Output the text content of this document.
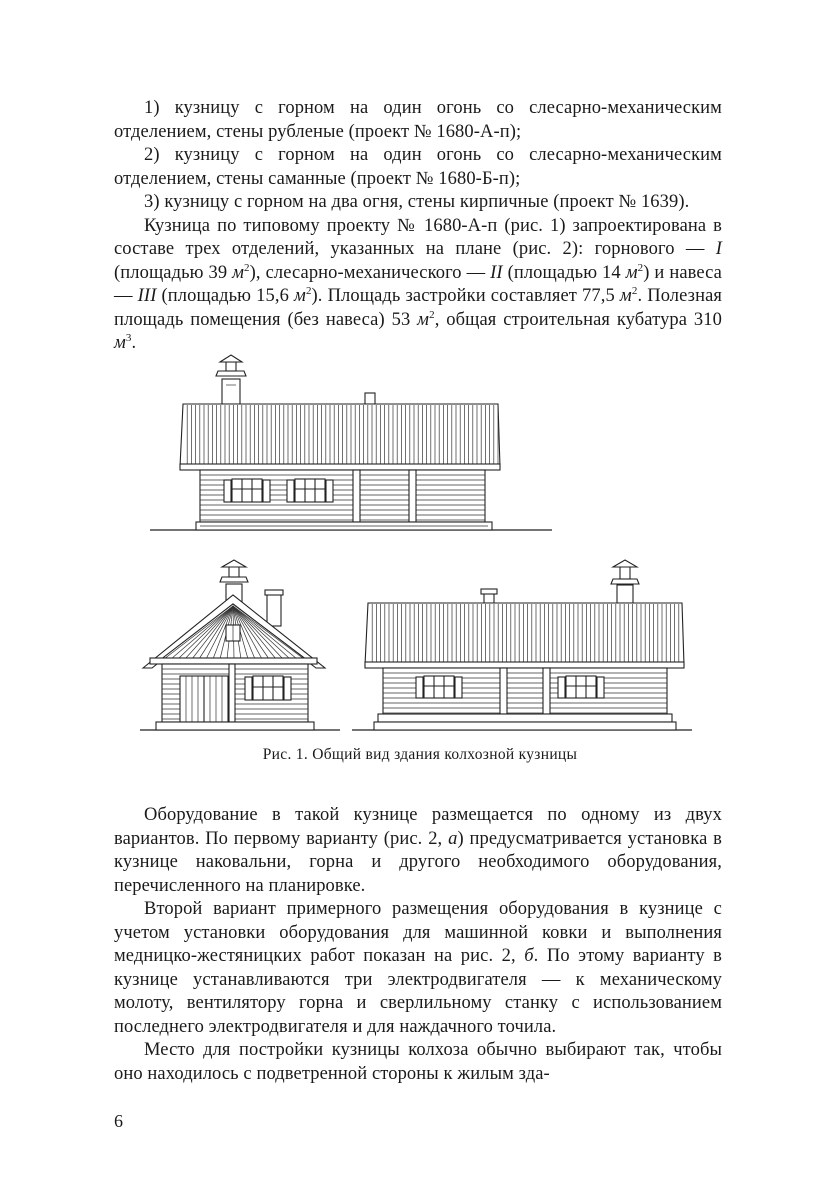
1) кузницу с горном на один огонь со слесарно-механическим отделением, стены рубленые (проект № 1680-А-п);

2) кузницу с горном на один огонь со слесарно-механическим отделением, стены саманные (проект № 1680-Б-п);

3) кузницу с горном на два огня, стены кирпичные (проект № 1639).

Кузница по типовому проекту № 1680-А-п (рис. 1) запроектирована в составе трех отделений, указанных на плане (рис. 2): горнового — I (площадью 39 $м^2$), слесарно-механического — II (площадью 14 $м^2$) и навеса — III (площадью 15,6 $м^2$). Площадь застройки составляет 77,5 $м^2$. Полезная площадь помещения (без навеса) 53 $м^2$, общая строительная кубатура 310 $м^3$.

Рис. 1. Общий вид здания колхозной кузницы

Оборудование в такой кузнице размещается по одному из двух вариантов. По первому варианту (рис. 2, а) предусматривается установка в кузнице наковальни, горна и другого необходимого оборудования, перечисленного на планировке.

Второй вариант примерного размещения оборудования в кузнице с учетом установки оборудования для машинной ковки и выполнения медницко-жестяницких работ показан на рис. 2, б. По этому варианту в кузнице устанавливаются три электродвигателя — к механическому молоту, вентилятору горна и сверлильному станку с использованием последнего электродвигателя и для наждачного точила.

Место для постройки кузницы колхоза обычно выбирают так, чтобы оно находилось с подветренной стороны к жилым зда-

6
